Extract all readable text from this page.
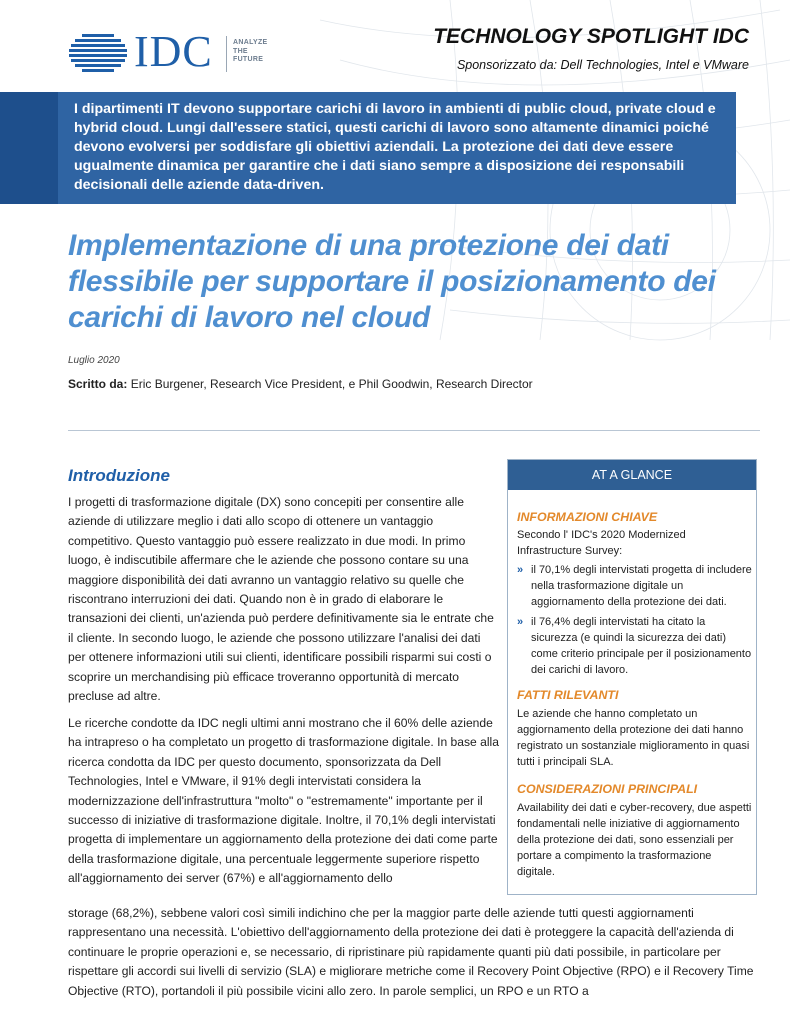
IDC	ANALYZE
THE
FUTURE
TECHNOLOGY SPOTLIGHT IDC
Sponsorizzato da: Dell Technologies, Intel e VMware
I dipartimenti IT devono supportare carichi di lavoro in ambienti di public cloud, private cloud e hybrid cloud. Lungi dall'essere statici, questi carichi di lavoro sono altamente dinamici poiché devono evolversi per soddisfare gli obiettivi aziendali. La protezione dei dati deve essere ugualmente dinamica per garantire che i dati siano sempre a disposizione dei responsabili decisionali delle aziende data-driven.
Implementazione di una protezione dei dati flessibile per supportare il posizionamento dei carichi di lavoro nel cloud
Luglio 2020
Scritto da: Eric Burgener, Research Vice President, e Phil Goodwin, Research Director
Introduzione
I progetti di trasformazione digitale (DX) sono concepiti per consentire alle aziende di utilizzare meglio i dati allo scopo di ottenere un vantaggio competitivo. Questo vantaggio può essere realizzato in due modi. In primo luogo, è indiscutibile affermare che le aziende che possono contare su una maggiore disponibilità dei dati avranno un vantaggio relativo su quelle che riscontrano interruzioni dei dati. Quando non è in grado di elaborare le transazioni dei clienti, un'azienda può perdere definitivamente sia le entrate che il cliente. In secondo luogo, le aziende che possono utilizzare l'analisi dei dati per ottenere informazioni utili sui clienti, identificare possibili risparmi sui costi o scoprire un merchandising più efficace troveranno opportunità di mercato precluse ad altre.
Le ricerche condotte da IDC negli ultimi anni mostrano che il 60% delle aziende ha intrapreso o ha completato un progetto di trasformazione digitale. In base alla ricerca condotta da IDC per questo documento, sponsorizzata da Dell Technologies, Intel e VMware, il 91% degli intervistati considera la modernizzazione dell'infrastruttura "molto" o "estremamente" importante per il successo di iniziative di trasformazione digitale. Inoltre, il 70,1% degli intervistati progetta di implementare un aggiornamento della protezione dei dati come parte della trasformazione digitale, una percentuale leggermente superiore rispetto all'aggiornamento dei server (67%) e all'aggiornamento dello
storage (68,2%), sebbene valori così simili indichino che per la maggior parte delle aziende tutti questi aggiornamenti rappresentano una necessità. L'obiettivo dell'aggiornamento della protezione dei dati è proteggere la capacità dell'azienda di continuare le proprie operazioni e, se necessario, di ripristinare più rapidamente quanti più dati possibile, in particolare per rispettare gli accordi sui livelli di servizio (SLA) e migliorare metriche come il Recovery Point Objective (RPO) e il Recovery Time Objective (RTO), portandoli il più possibile vicini allo zero. In parole semplici, un RPO e un RTO a
AT A GLANCE
INFORMAZIONI CHIAVE
Secondo l' IDC's 2020 Modernized Infrastructure Survey:
» il 70,1% degli intervistati progetta di includere nella trasformazione digitale un aggiornamento della protezione dei dati.
» il 76,4% degli intervistati ha citato la sicurezza (e quindi la sicurezza dei dati) come criterio principale per il posizionamento dei carichi di lavoro.
FATTI RILEVANTI
Le aziende che hanno completato un aggiornamento della protezione dei dati hanno registrato un sostanziale miglioramento in quasi tutti i principali SLA.
CONSIDERAZIONI PRINCIPALI
Availability dei dati e cyber-recovery, due aspetti fondamentali nelle iniziative di aggiornamento della protezione dei dati, sono essenziali per portare a compimento la trasformazione digitale.
